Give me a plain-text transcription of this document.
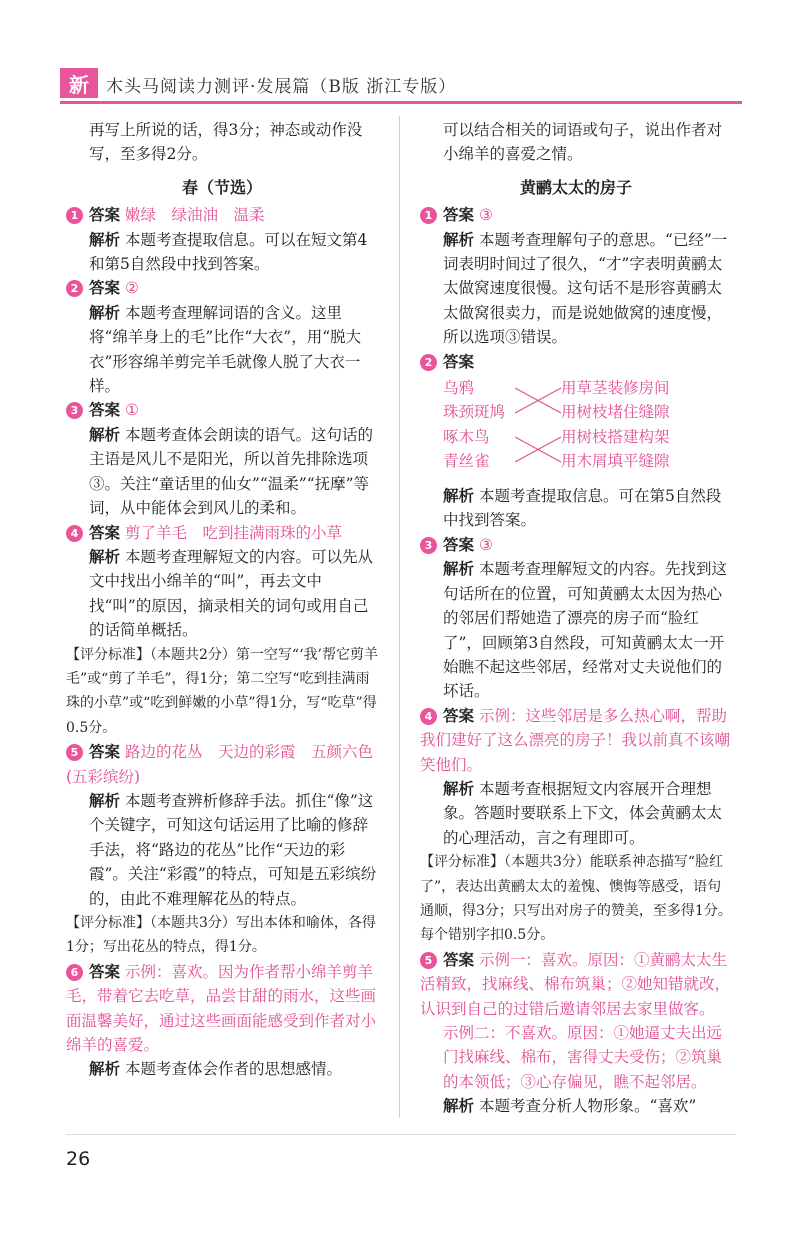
新	木头马阅读力测评·发展篇（B版 浙江专版）

再写上所说的话，得3分；神态或动作没写，至多得2分。

春（节选）

1 答案 嫩绿　绿油油　温柔

解析 本题考查提取信息。可以在短文第4和第5自然段中找到答案。

2 答案 ②

解析 本题考查理解词语的含义。这里将“绵羊身上的毛”比作“大衣”，用“脱大衣”形容绵羊剪完羊毛就像人脱了大衣一样。

3 答案 ①

解析 本题考查体会朗读的语气。这句话的主语是风儿不是阳光，所以首先排除选项③。关注“童话里的仙女”“温柔”“抚摩”等词，从中能体会到风儿的柔和。

4 答案 剪了羊毛　吃到挂满雨珠的小草

解析 本题考查理解短文的内容。可以先从文中找出小绵羊的“叫”，再去文中找“叫”的原因，摘录相关的词句或用自己的话简单概括。

【评分标准】（本题共2分）第一空写“‘我’帮它剪羊毛”或“剪了羊毛”，得1分；第二空写“吃到挂满雨珠的小草”或“吃到鲜嫩的小草”得1分，写“吃草”得0.5分。

5 答案 路边的花丛　天边的彩霞　五颜六色(五彩缤纷)

解析 本题考查辨析修辞手法。抓住“像”这个关键字，可知这句话运用了比喻的修辞手法，将“路边的花丛”比作“天边的彩霞”。关注“彩霞”的特点，可知是五彩缤纷的，由此不难理解花丛的特点。

【评分标准】（本题共3分）写出本体和喻体，各得1分；写出花丛的特点，得1分。

6 答案 示例：喜欢。因为作者帮小绵羊剪羊毛，带着它去吃草，品尝甘甜的雨水，这些画面温馨美好，通过这些画面能感受到作者对小绵羊的喜爱。

解析 本题考查体会作者的思想感情。

可以结合相关的词语或句子，说出作者对小绵羊的喜爱之情。

黄鹂太太的房子

1 答案 ③

解析 本题考查理解句子的意思。“已经”一词表明时间过了很久，“才”字表明黄鹂太太做窝速度很慢。这句话不是形容黄鹂太太做窝很卖力，而是说她做窝的速度慢，所以选项③错误。

2 答案

乌鸦

珠颈斑鸠

啄木鸟

青丝雀

用草茎装修房间

用树枝堵住缝隙

用树枝搭建构架

用木屑填平缝隙

解析 本题考查提取信息。可在第5自然段中找到答案。

3 答案 ③

解析 本题考查理解短文的内容。先找到这句话所在的位置，可知黄鹂太太因为热心的邻居们帮她造了漂亮的房子而“脸红了”，回顾第3自然段，可知黄鹂太太一开始瞧不起这些邻居，经常对丈夫说他们的坏话。

4 答案 示例：这些邻居是多么热心啊，帮助我们建好了这么漂亮的房子！我以前真不该嘲笑他们。

解析 本题考查根据短文内容展开合理想象。答题时要联系上下文，体会黄鹂太太的心理活动，言之有理即可。

【评分标准】（本题共3分）能联系神态描写“脸红了”，表达出黄鹂太太的羞愧、懊悔等感受，语句通顺，得3分；只写出对房子的赞美，至多得1分。每个错别字扣0.5分。

5 答案 示例一：喜欢。原因：①黄鹂太太生活精致，找麻线、棉布筑巢；②她知错就改，认识到自己的过错后邀请邻居去家里做客。

示例二：不喜欢。原因：①她逼丈夫出远门找麻线、棉布，害得丈夫受伤；②筑巢的本领低；③心存偏见，瞧不起邻居。

解析 本题考查分析人物形象。“喜欢”

26
